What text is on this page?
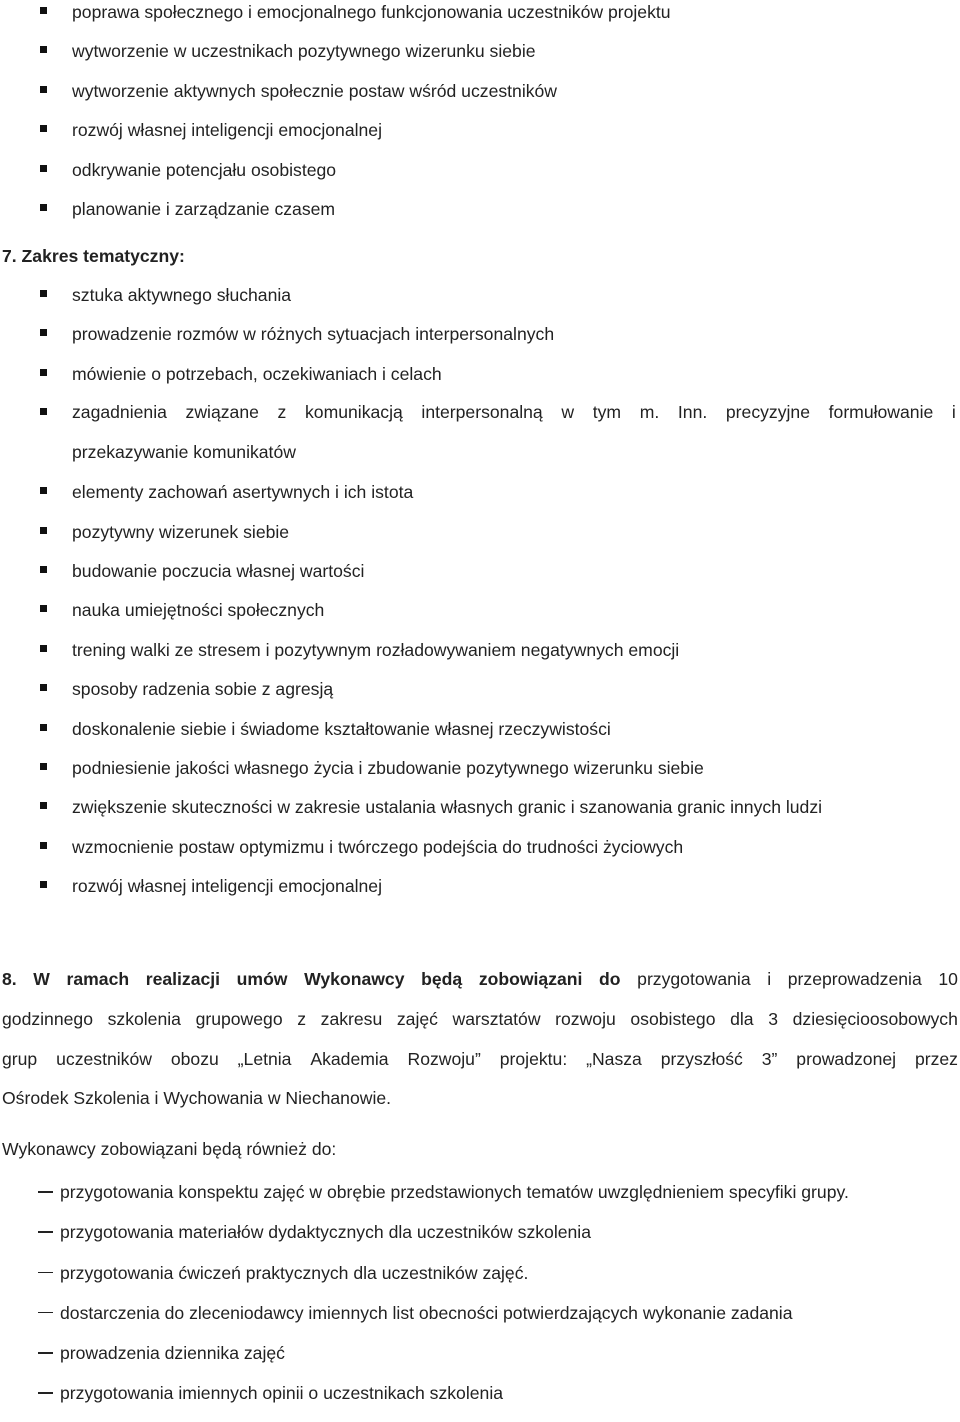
poprawa społecznego i emocjonalnego funkcjonowania uczestników projektu
wytworzenie w uczestnikach pozytywnego wizerunku siebie
wytworzenie aktywnych społecznie postaw wśród uczestników
rozwój własnej inteligencji emocjonalnej
odkrywanie potencjału osobistego
planowanie i zarządzanie czasem
7. Zakres tematyczny:
sztuka aktywnego słuchania
prowadzenie rozmów w różnych sytuacjach interpersonalnych
mówienie o potrzebach, oczekiwaniach i celach
zagadnienia związane z komunikacją interpersonalną w tym m. Inn. precyzyjne formułowanie i
przekazywanie komunikatów
elementy zachowań asertywnych i ich istota
pozytywny wizerunek siebie
budowanie poczucia własnej wartości
nauka umiejętności społecznych
trening walki ze stresem i pozytywnym rozładowywaniem negatywnych emocji
sposoby radzenia sobie z agresją
doskonalenie siebie i świadome kształtowanie własnej rzeczywistości
podniesienie jakości własnego życia i zbudowanie pozytywnego wizerunku siebie
zwiększenie skuteczności w zakresie ustalania własnych granic i szanowania granic innych ludzi
wzmocnienie postaw optymizmu i twórczego podejścia do trudności życiowych
rozwój własnej inteligencji emocjonalnej
8. W ramach realizacji umów Wykonawcy będą zobowiązani do przygotowania i przeprowadzenia 10
godzinnego szkolenia grupowego z zakresu zajęć warsztatów rozwoju osobistego dla 3 dziesięcioosobowych
grup uczestników obozu „Letnia Akademia Rozwoju” projektu: „Nasza przyszłość 3” prowadzonej przez
Ośrodek Szkolenia i Wychowania w Niechanowie.
Wykonawcy zobowiązani będą również do:
przygotowania konspektu zajęć w obrębie przedstawionych tematów uwzględnieniem specyfiki grupy.
przygotowania materiałów dydaktycznych dla uczestników szkolenia
przygotowania ćwiczeń praktycznych dla uczestników zajęć.
dostarczenia do zleceniodawcy imiennych list obecności potwierdzających wykonanie zadania
prowadzenia dziennika zajęć
przygotowania imiennych opinii o uczestnikach szkolenia
